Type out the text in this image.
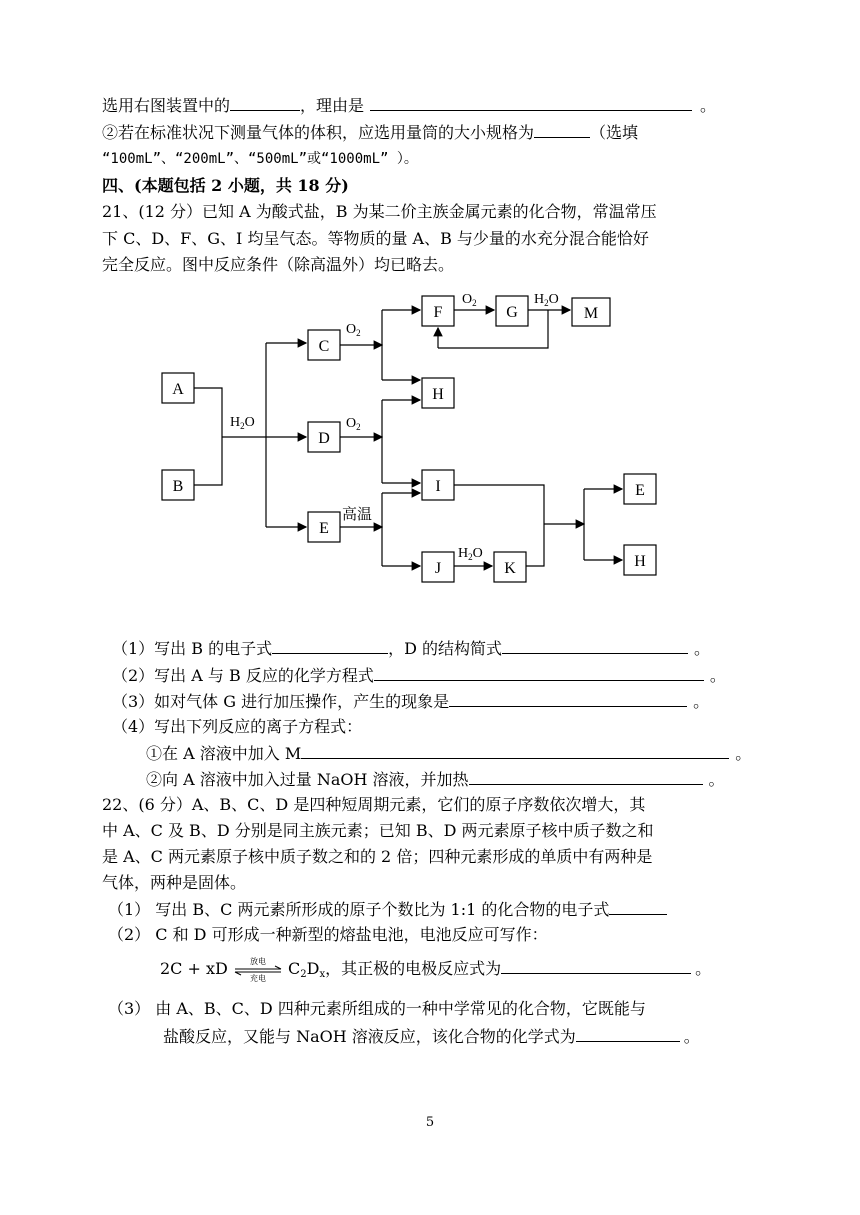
选用右图装置中的	，理由是	。
②若在标准状况下测量气体的体积，应选用量筒的大小规格为	（选填
“100mL”、“200mL”、“500mL”或“1000mL” ）。
四、(本题包括 2 小题，共 18 分)
21、(12 分）已知 A 为酸式盐，B 为某二价主族金属元素的化合物，常温常压
下 C、D、F、G、I 均呈气态。等物质的量 A、B 与少量的水充分混合能恰好
完全反应。图中反应条件（除高温外）均已略去。
A
B
C
D
E
F	G	M
H
I
J	K
E
H
$H_2O$
$O_2$
$O_2$	$H_2O$
$O_2$
高温
$H_2O$
（1）写出 B 的电子式	，D 的结构简式	。
（2）写出 A 与 B 反应的化学方程式	。
（3）如对气体 G 进行加压操作，产生的现象是	。
（4）写出下列反应的离子方程式：
①在 A 溶液中加入 M	。
②向 A 溶液中加入过量 NaOH 溶液，并加热	。
22、(6 分）A、B、C、D 是四种短周期元素，它们的原子序数依次增大，其
中 A、C 及 B、D 分别是同主族元素；已知 B、D 两元素原子核中质子数之和
是 A、C 两元素原子核中质子数之和的 2 倍；四种元素形成的单质中有两种是
气体，两种是固体。
（1） 写出 B、C 两元素所形成的原子个数比为 1:1 的化合物的电子式
（2） C 和 D 可形成一种新型的熔盐电池，电池反应可写作：
2C + xD	放电
充电	$C_2D_x$，其正极的电极反应式为	。
（3） 由 A、B、C、D 四种元素所组成的一种中学常见的化合物，它既能与
盐酸反应，又能与 NaOH 溶液反应，该化合物的化学式为	。
5
